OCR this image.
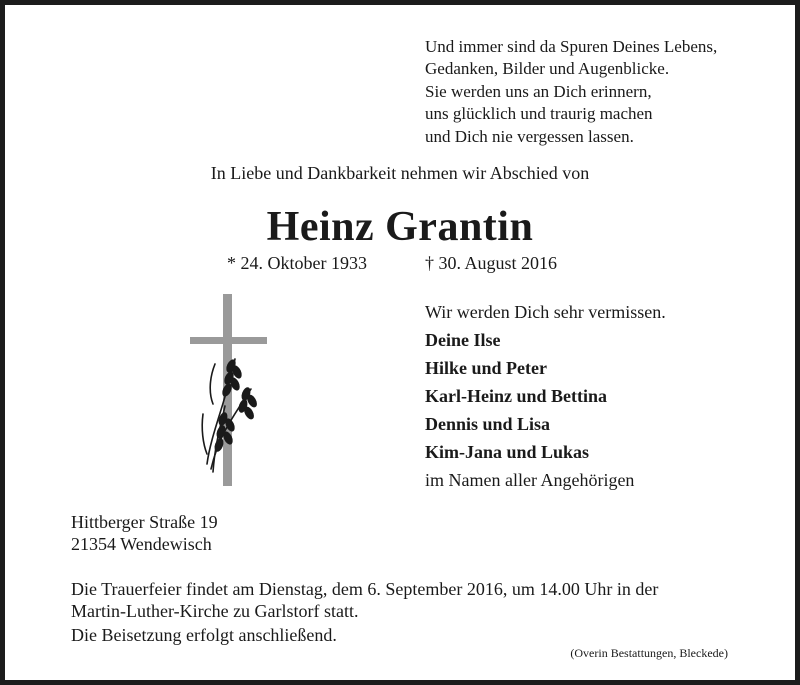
Und immer sind da Spuren Deines Lebens,
Gedanken, Bilder und Augenblicke.
Sie werden uns an Dich erinnern,
uns glücklich und traurig machen
und Dich nie vergessen lassen.
In Liebe und Dankbarkeit nehmen wir Abschied von
Heinz Grantin
* 24. Oktober 1933	† 30. August 2016
Wir werden Dich sehr vermissen.
Deine Ilse
Hilke und Peter
Karl-Heinz und Bettina
Dennis und Lisa
Kim-Jana und Lukas
im Namen aller Angehörigen
Hittberger Straße 19
21354 Wendewisch
Die Trauerfeier findet am Dienstag, dem 6. September 2016, um 14.00 Uhr in der
Martin-Luther-Kirche zu Garlstorf statt.
Die Beisetzung erfolgt anschließend.
(Overin Bestattungen, Bleckede)
